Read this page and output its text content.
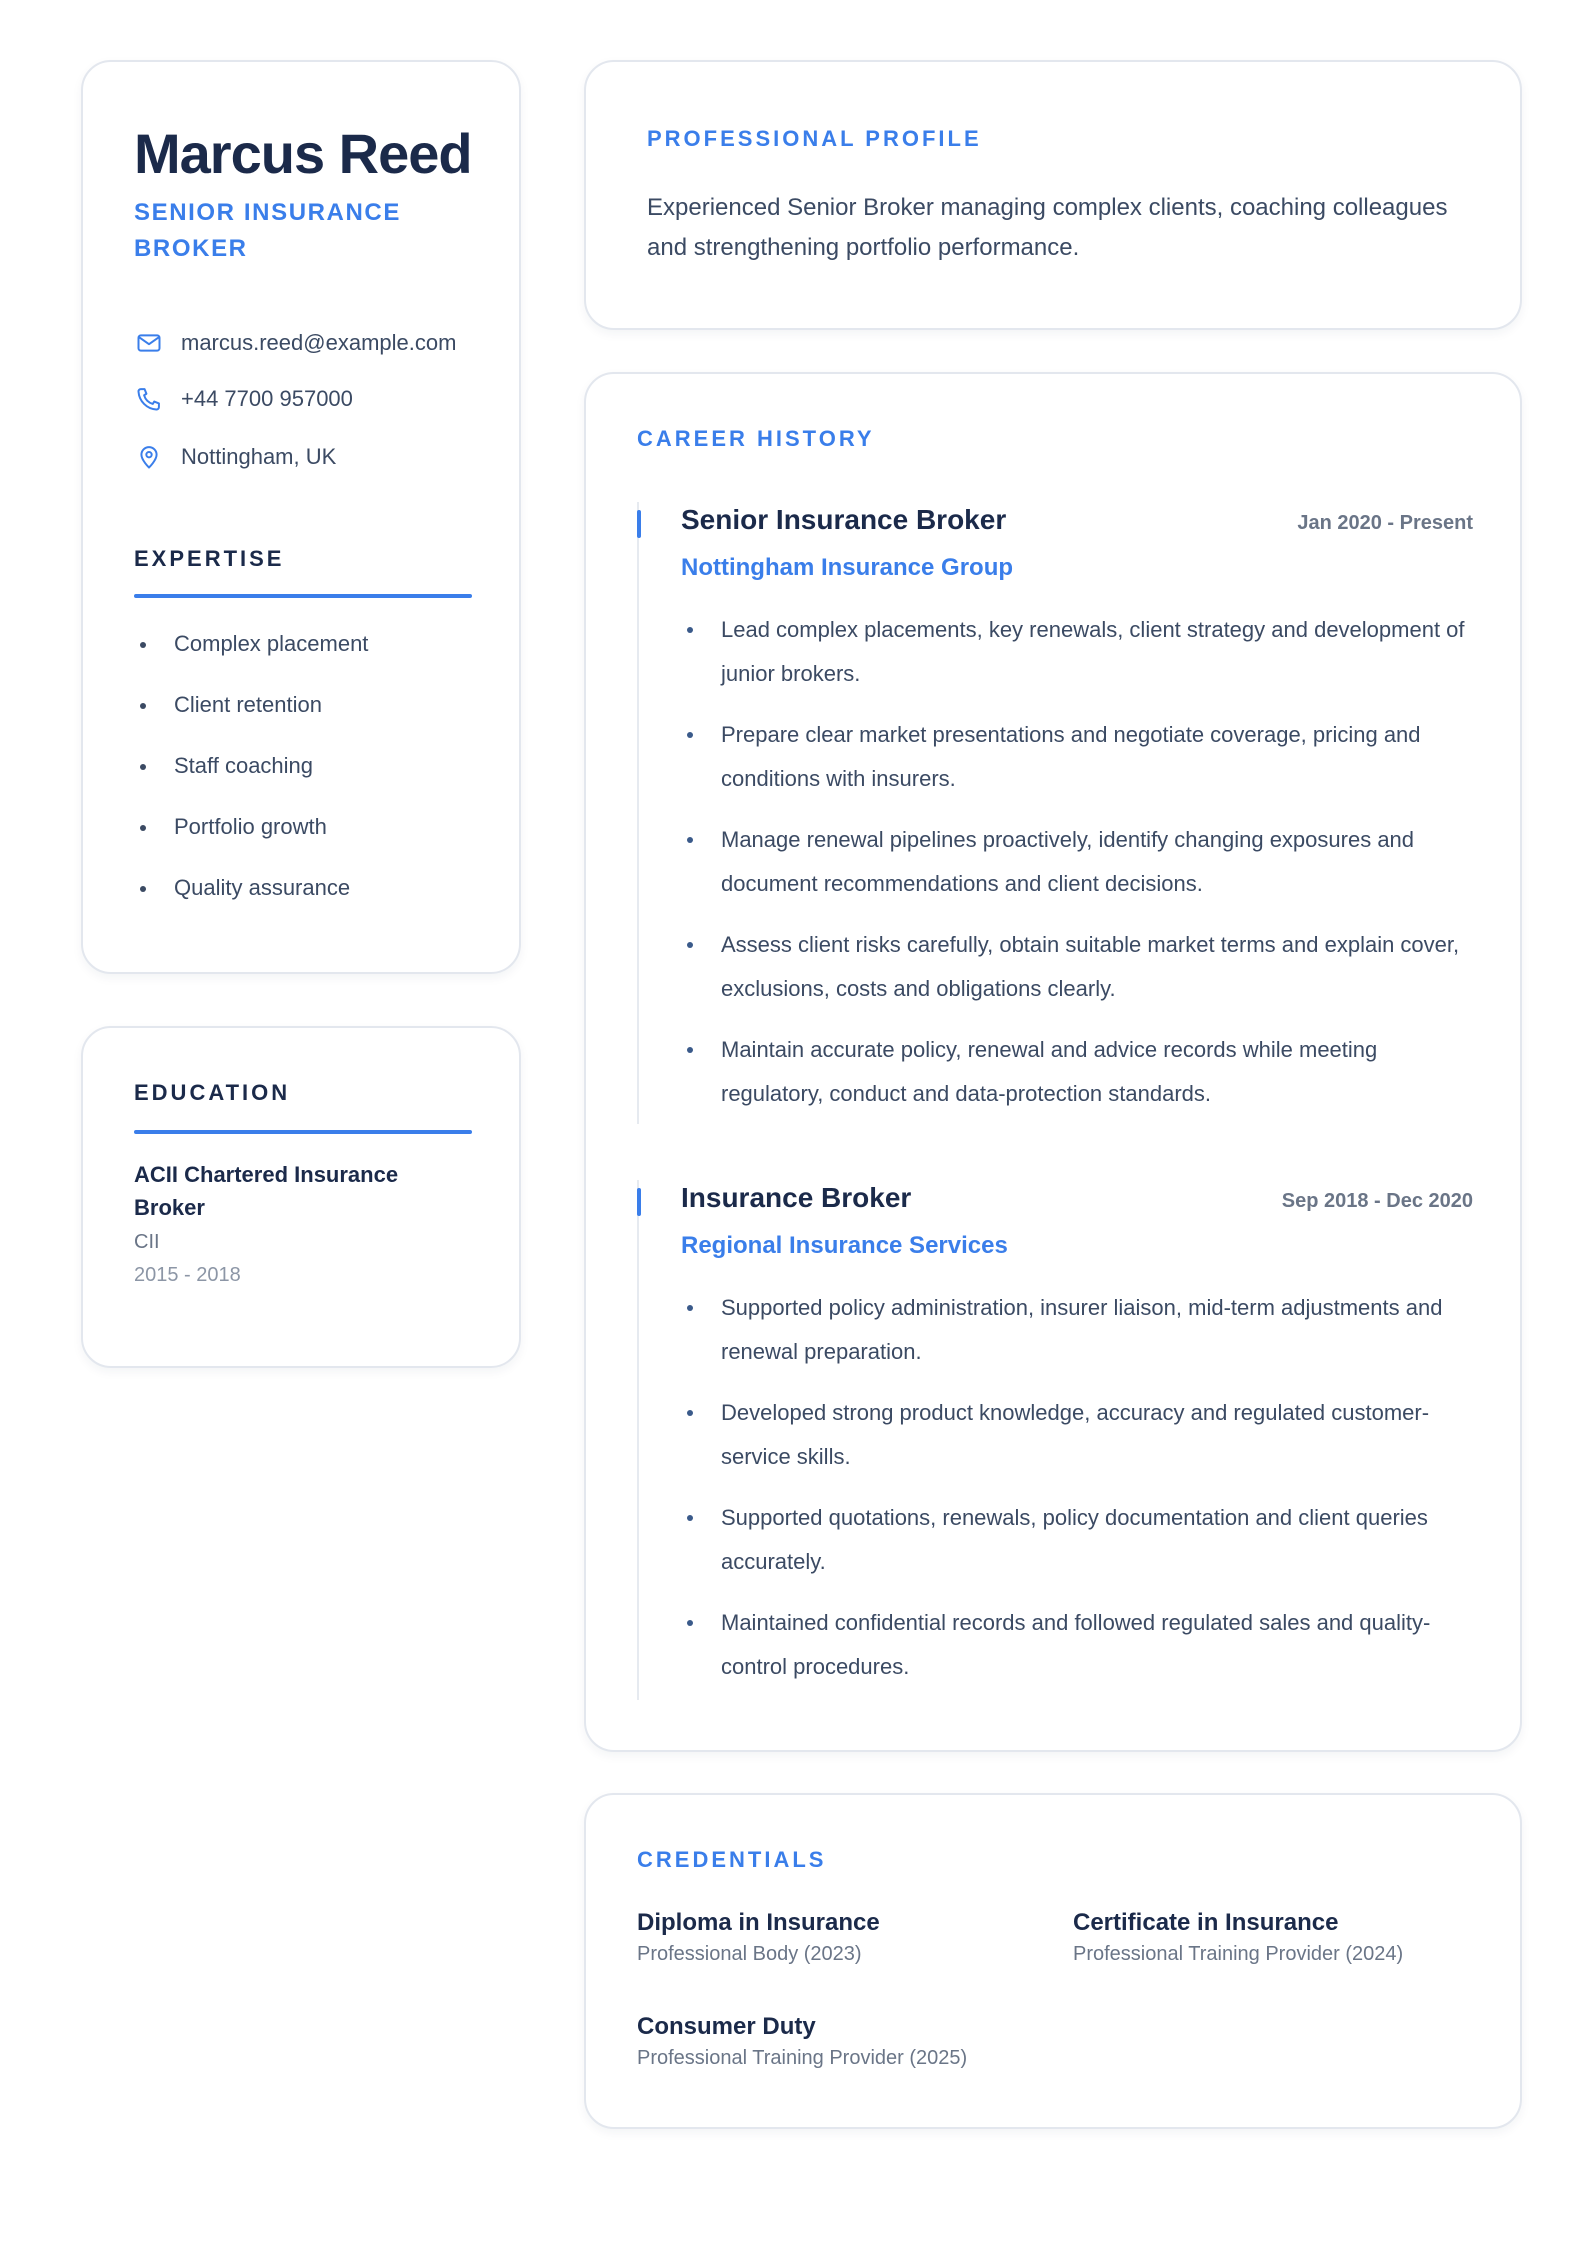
Marcus Reed
SENIOR INSURANCE BROKER
marcus.reed@example.com
+44 7700 957000
Nottingham, UK
EXPERTISE
Complex placement
Client retention
Staff coaching
Portfolio growth
Quality assurance
EDUCATION
ACII Chartered Insurance Broker
CII
2015 - 2018
PROFESSIONAL PROFILE

Experienced Senior Broker managing complex clients, coaching colleagues and strengthening portfolio performance.

CAREER HISTORY
Senior Insurance Broker	Jan 2020 - Present
Nottingham Insurance Group
Lead complex placements, key renewals, client strategy and development of junior brokers.
Prepare clear market presentations and negotiate coverage, pricing and conditions with insurers.
Manage renewal pipelines proactively, identify changing exposures and document recommendations and client decisions.
Assess client risks carefully, obtain suitable market terms and explain cover, exclusions, costs and obligations clearly.
Maintain accurate policy, renewal and advice records while meeting regulatory, conduct and data-protection standards.
Insurance Broker	Sep 2018 - Dec 2020
Regional Insurance Services
Supported policy administration, insurer liaison, mid-term adjustments and renewal preparation.
Developed strong product knowledge, accuracy and regulated customer-service skills.
Supported quotations, renewals, policy documentation and client queries accurately.
Maintained confidential records and followed regulated sales and quality-control procedures.
CREDENTIALS
Diploma in Insurance
Professional Body (2023)
Certificate in Insurance
Professional Training Provider (2024)
Consumer Duty
Professional Training Provider (2025)
